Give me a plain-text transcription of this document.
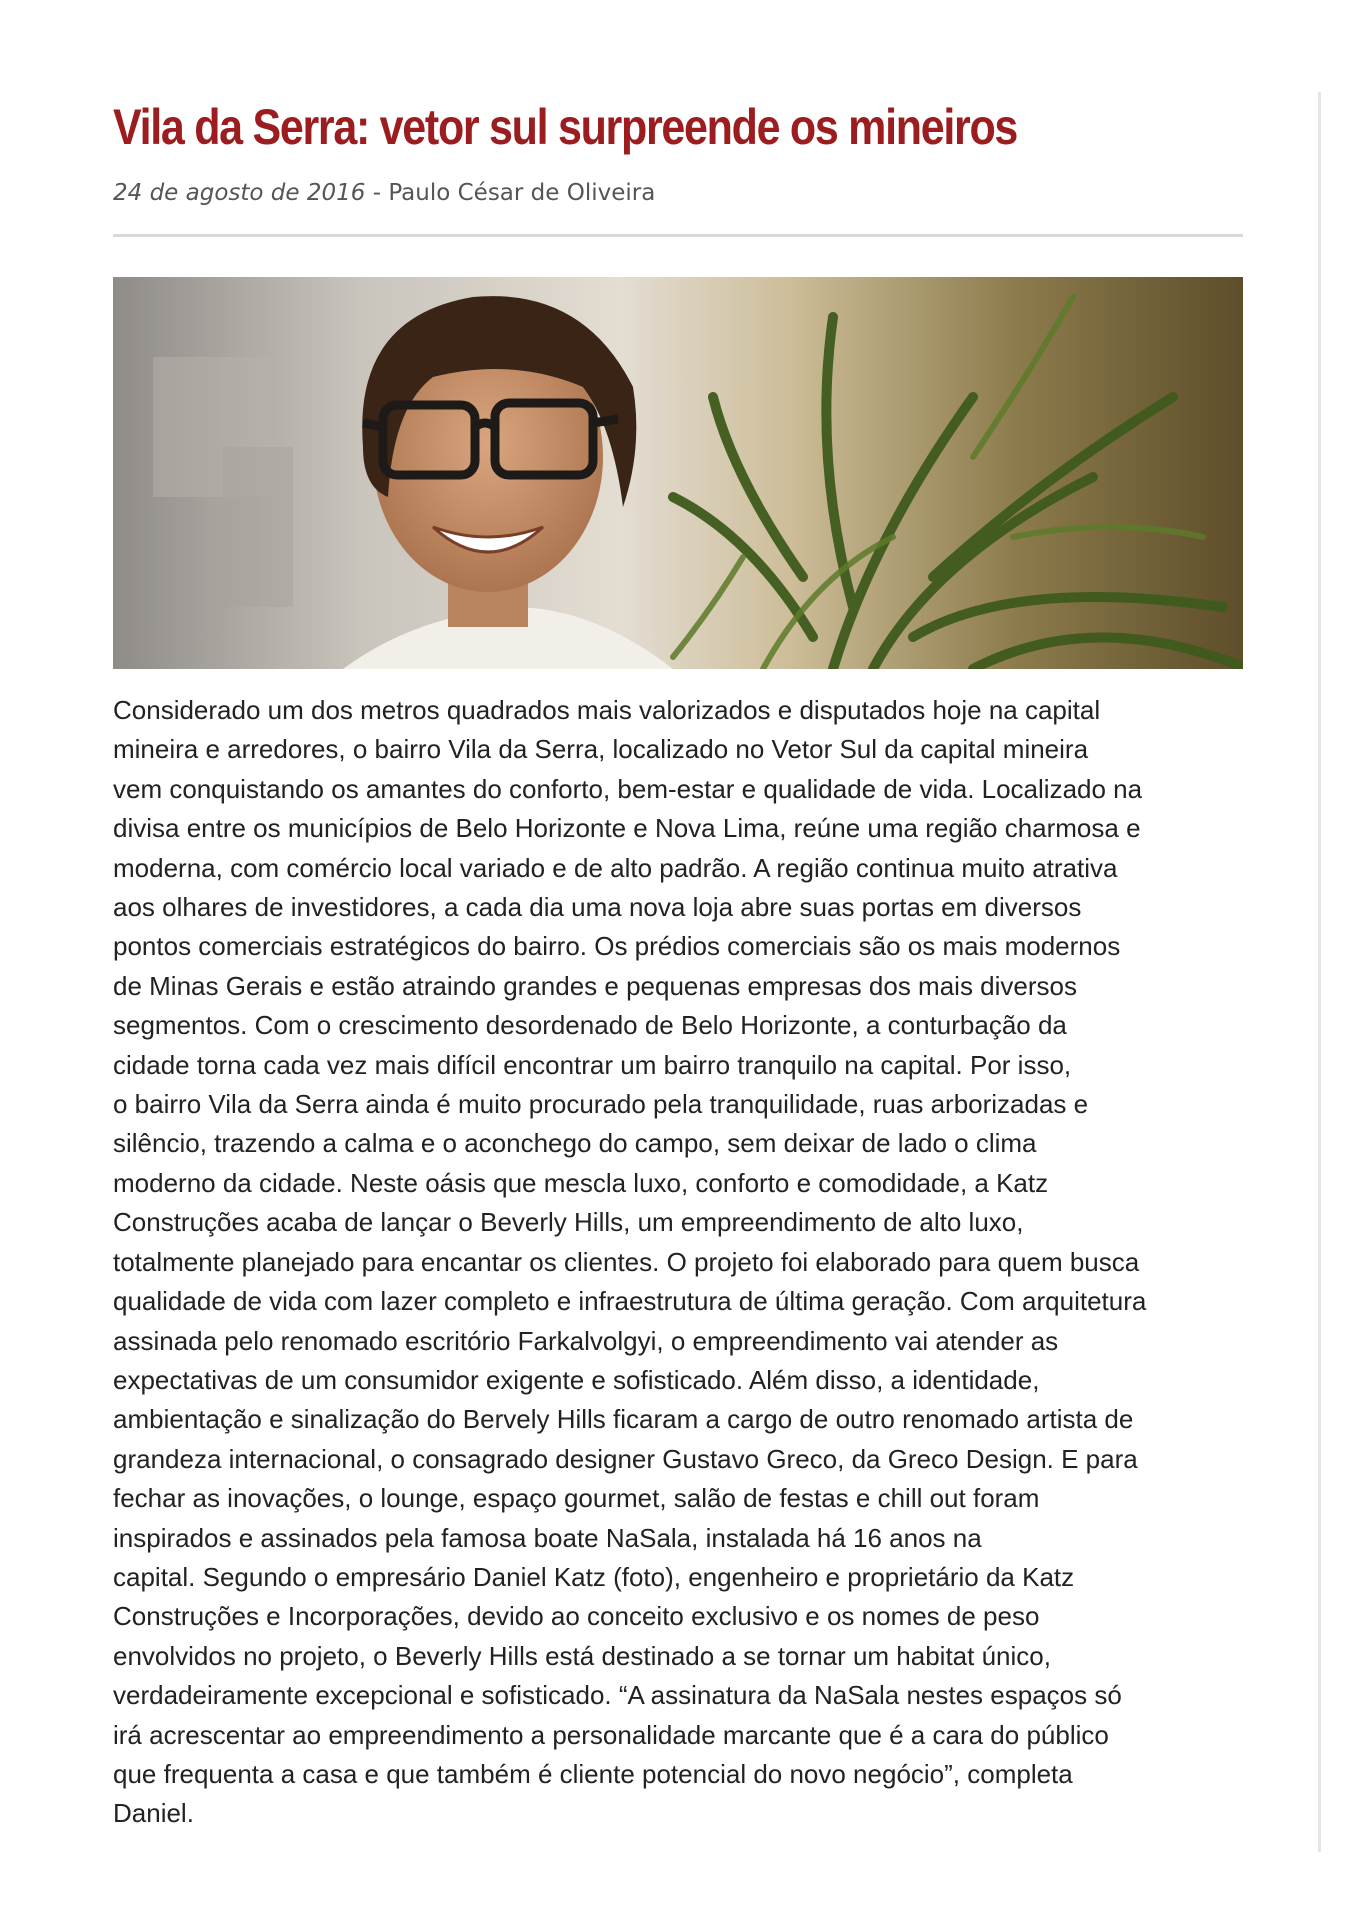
Vila da Serra: vetor sul surpreende os mineiros
24 de agosto de 2016 - Paulo César de Oliveira
Considerado um dos metros quadrados mais valorizados e disputados hoje na capital
mineira e arredores, o bairro Vila da Serra, localizado no Vetor Sul da capital mineira
vem conquistando os amantes do conforto, bem-estar e qualidade de vida. Localizado na
divisa entre os municípios de Belo Horizonte e Nova Lima, reúne uma região charmosa e
moderna, com comércio local variado e de alto padrão. A região continua muito atrativa
aos olhares de investidores, a cada dia uma nova loja abre suas portas em diversos
pontos comerciais estratégicos do bairro. Os prédios comerciais são os mais modernos
de Minas Gerais e estão atraindo grandes e pequenas empresas dos mais diversos
segmentos. Com o crescimento desordenado de Belo Horizonte, a conturbação da
cidade torna cada vez mais difícil encontrar um bairro tranquilo na capital. Por isso,
o bairro Vila da Serra ainda é muito procurado pela tranquilidade, ruas arborizadas e
silêncio, trazendo a calma e o aconchego do campo, sem deixar de lado o clima
moderno da cidade. Neste oásis que mescla luxo, conforto e comodidade, a Katz
Construções acaba de lançar o Beverly Hills, um empreendimento de alto luxo,
totalmente planejado para encantar os clientes. O projeto foi elaborado para quem busca
qualidade de vida com lazer completo e infraestrutura de última geração. Com arquitetura
assinada pelo renomado escritório Farkalvolgyi, o empreendimento vai atender as
expectativas de um consumidor exigente e sofisticado. Além disso, a identidade,
ambientação e sinalização do Bervely Hills ficaram a cargo de outro renomado artista de
grandeza internacional, o consagrado designer Gustavo Greco, da Greco Design. E para
fechar as inovações, o lounge, espaço gourmet, salão de festas e chill out foram
inspirados e assinados pela famosa boate NaSala, instalada há 16 anos na
capital. Segundo o empresário Daniel Katz (foto), engenheiro e proprietário da Katz
Construções e Incorporações, devido ao conceito exclusivo e os nomes de peso
envolvidos no projeto, o Beverly Hills está destinado a se tornar um habitat único,
verdadeiramente excepcional e sofisticado. “A assinatura da NaSala nestes espaços só
irá acrescentar ao empreendimento a personalidade marcante que é a cara do público
que frequenta a casa e que também é cliente potencial do novo negócio”, completa
Daniel.
